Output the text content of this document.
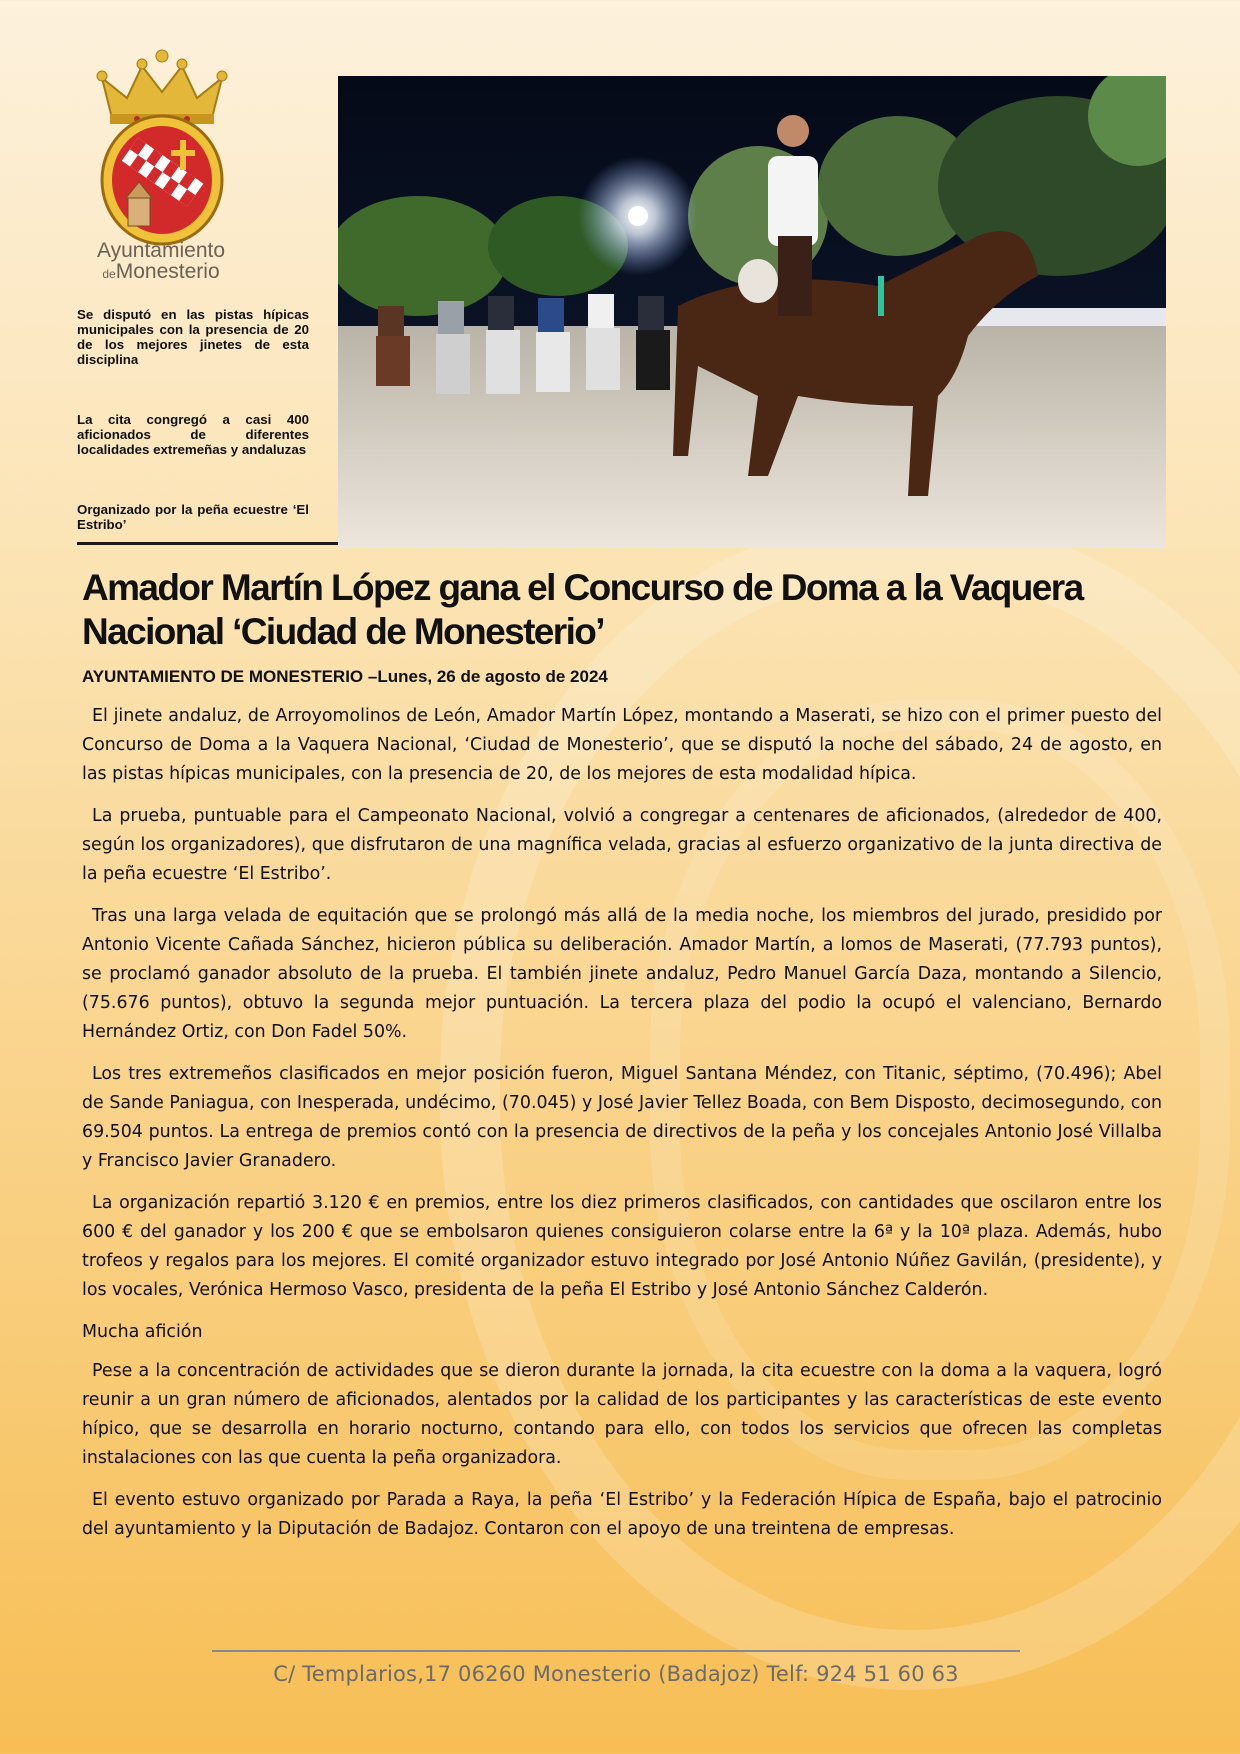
Ayuntamiento
deMonesterio
Se disputó en las pistas hípicas municipales con la presencia de 20 de los mejores jinetes de esta disciplina
La cita congregó a casi 400 aficionados de diferentes localidades extremeñas y andaluzas
Organizado por la peña ecuestre ‘El Estribo’
Amador Martín López gana el Concurso de Doma a la Vaquera Nacional ‘Ciudad de Monesterio’
AYUNTAMIENTO DE MONESTERIO –Lunes, 26 de agosto de 2024

El jinete andaluz, de Arroyomolinos de León, Amador Martín López, montando a Maserati, se hizo con el primer puesto del Concurso de Doma a la Vaquera Nacional, ‘Ciudad de Monesterio’, que se disputó la noche del sábado, 24 de agosto, en las pistas hípicas municipales, con la presencia de 20, de los mejores de esta modalidad hípica.

La prueba, puntuable para el Campeonato Nacional, volvió a congregar a centenares de aficionados, (alrededor de 400, según los organizadores), que disfrutaron de una magnífica velada, gracias al esfuerzo organizativo de la junta directiva de la peña ecuestre ‘El Estribo’.

Tras una larga velada de equitación que se prolongó más allá de la media noche, los miembros del jurado, presidido por Antonio Vicente Cañada Sánchez, hicieron pública su deliberación. Amador Martín, a lomos de Maserati, (77.793 puntos), se proclamó ganador absoluto de la prueba. El también jinete andaluz, Pedro Manuel García Daza, montando a Silencio, (75.676 puntos), obtuvo la segunda mejor puntuación. La tercera plaza del podio la ocupó el valenciano, Bernardo Hernández Ortiz, con Don Fadel 50%.

Los tres extremeños clasificados en mejor posición fueron, Miguel Santana Méndez, con Titanic, séptimo, (70.496); Abel de Sande Paniagua, con Inesperada, undécimo, (70.045) y José Javier Tellez Boada, con Bem Disposto, decimosegundo, con 69.504 puntos. La entrega de premios contó con la presencia de directivos de la peña y los concejales Antonio José Villalba y Francisco Javier Granadero.

La organización repartió 3.120 € en premios, entre los diez primeros clasificados, con cantidades que oscilaron entre los 600 € del ganador y los 200 € que se embolsaron quienes consiguieron colarse entre la 6ª y la 10ª plaza. Además, hubo trofeos y regalos para los mejores. El comité organizador estuvo integrado por José Antonio Núñez Gavilán, (presidente), y los vocales, Verónica Hermoso Vasco, presidenta de la peña El Estribo y José Antonio Sánchez Calderón.

Mucha afición

Pese a la concentración de actividades que se dieron durante la jornada, la cita ecuestre con la doma a la vaquera, logró reunir a un gran número de aficionados, alentados por la calidad de los participantes y las características de este evento hípico, que se desarrolla en horario nocturno, contando para ello, con todos los servicios que ofrecen las completas instalaciones con las que cuenta la peña organizadora.

El evento estuvo organizado por Parada a Raya, la peña ‘El Estribo’ y la Federación Hípica de España, bajo el patrocinio del ayuntamiento y la Diputación de Badajoz. Contaron con el apoyo de una treintena de empresas.

C/ Templarios,17 06260 Monesterio (Badajoz) Telf: 924 51 60 63
